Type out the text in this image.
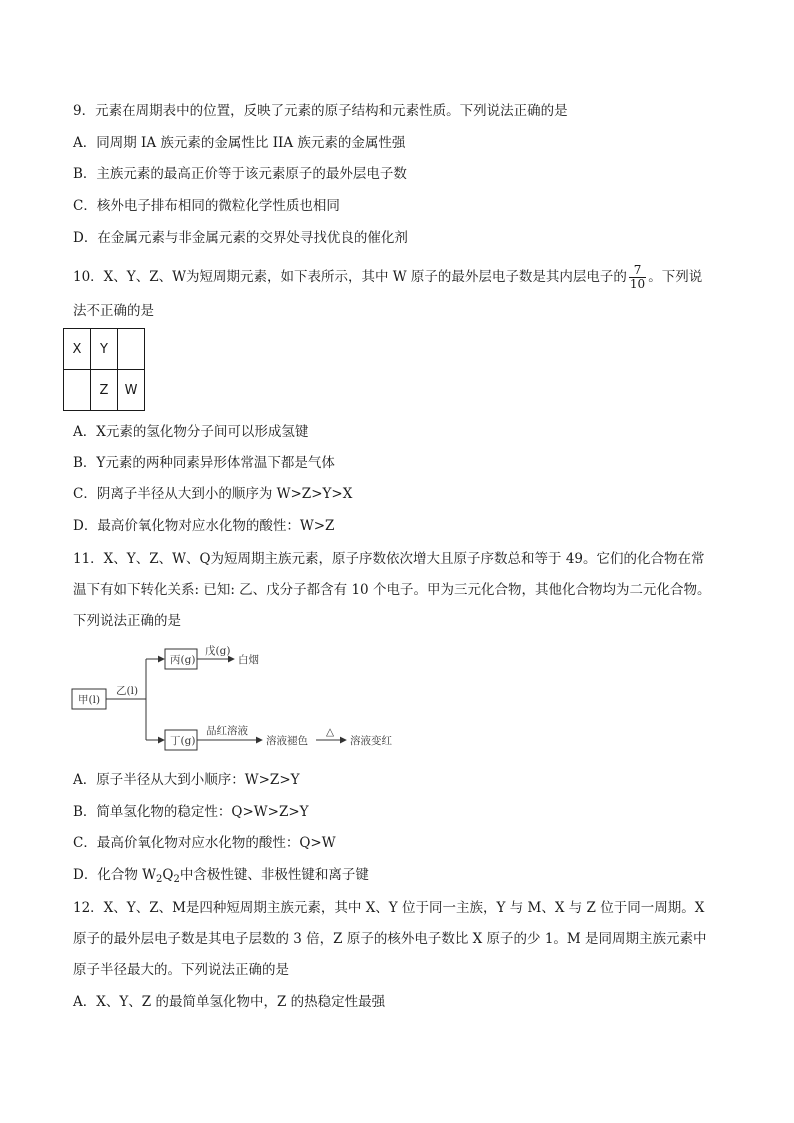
9．元素在周期表中的位置，反映了元素的原子结构和元素性质。下列说法正确的是
A．同周期 IA 族元素的金属性比 IIA 族元素的金属性强
B．主族元素的最高正价等于该元素原子的最外层电子数
C．核外电子排布相同的微粒化学性质也相同
D．在金属元素与非金属元素的交界处寻找优良的催化剂
10．X、Y、Z、W为短周期元素，如下表所示，其中 W 原子的最外层电子数是其内层电子的 $\frac{7}{10}$ 。下列说
法不正确的是
X	Y	
	Z	W
A．X元素的氢化物分子间可以形成氢键
B．Y元素的两种同素异形体常温下都是气体
C．阴离子半径从大到小的顺序为 W>Z>Y>X
D．最高价氧化物对应水化物的酸性：W>Z
11．X、Y、Z、W、Q为短周期主族元素，原子序数依次增大且原子序数总和等于 49。它们的化合物在常
温下有如下转化关系: 已知: 乙、戊分子都含有 10 个电子。甲为三元化合物，其他化合物均为二元化合物。
下列说法正确的是
甲(l)
乙(l)
丙(g)
戊(g)
白烟
丁(g)
品红溶液
溶液褪色
△
溶液变红
A．原子半径从大到小顺序：W>Z>Y
B．简单氢化物的稳定性：Q>W>Z>Y
C．最高价氧化物对应水化物的酸性：Q>W
D．化合物 $W_2Q_2$中含极性键、非极性键和离子键
12．X、Y、Z、M是四种短周期主族元素，其中 X、Y 位于同一主族，Y 与 M、X 与 Z 位于同一周期。X
原子的最外层电子数是其电子层数的 3 倍，Z 原子的核外电子数比 X 原子的少 1。M 是同周期主族元素中
原子半径最大的。下列说法正确的是
A．X、Y、Z 的最简单氢化物中，Z 的热稳定性最强
